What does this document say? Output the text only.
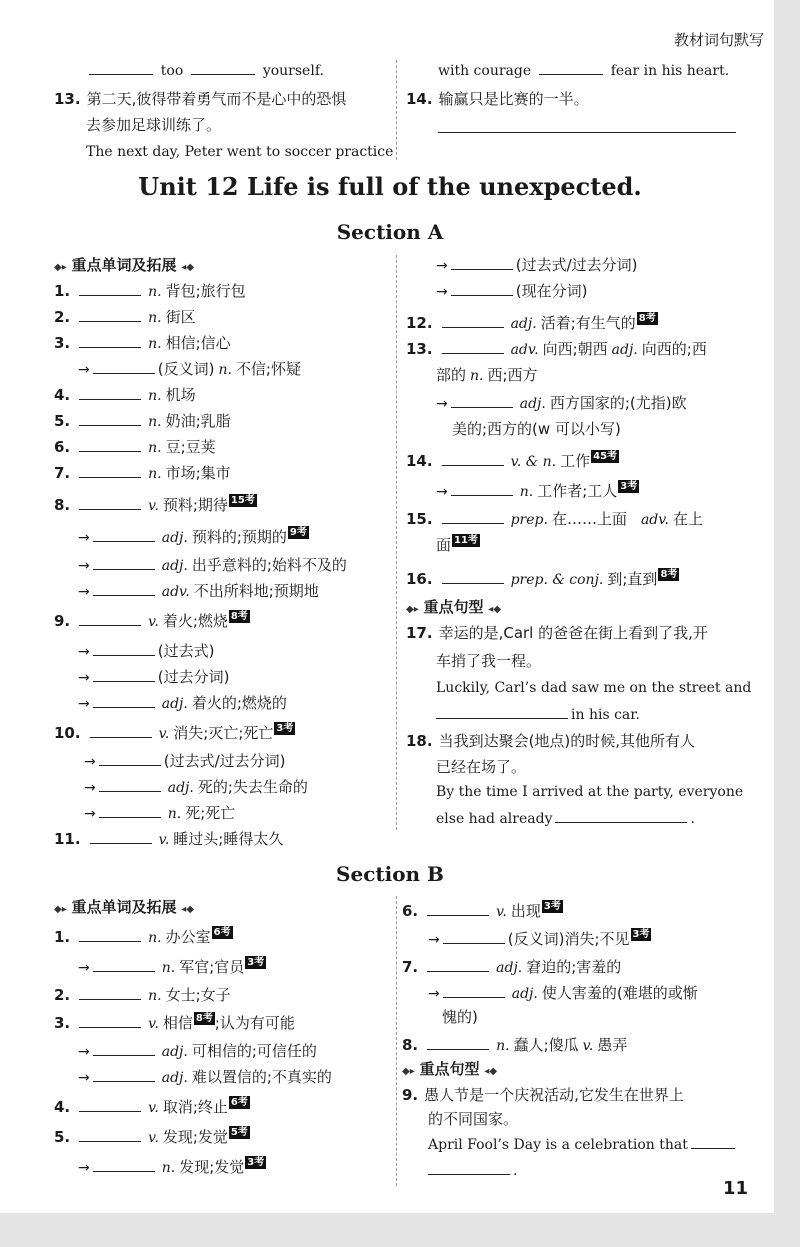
教材词句默写
too	yourself.
13. 第二天,彼得带着勇气而不是心中的恐惧
去参加足球训练了。
The next day, Peter went to soccer practice
with courage	fear in his heart.
14. 输赢只是比赛的一半。
Unit 12 Life is full of the unexpected.
Section A
◆▸ 重点单词及拓展 ◂◆
1.	n. 背包;旅行包
2.	n. 街区
3.	n. 相信;信心
→	(反义词) n. 不信;怀疑
4.	n. 机场
5.	n. 奶油;乳脂
6.	n. 豆;豆荚
7.	n. 市场;集市
8.	v. 预料;期待 15考
→	adj. 预料的;预期的 9考
→	adj. 出乎意料的;始料不及的
→	adv. 不出所料地;预期地
9.	v. 着火;燃烧 8考
→	(过去式)
→	(过去分词)
→	adj. 着火的;燃烧的
10.	v. 消失;灭亡;死亡 3考
→	(过去式/过去分词)
→	adj. 死的;失去生命的
→	n. 死;死亡
11.	v. 睡过头;睡得太久
→	(过去式/过去分词)
→	(现在分词)
12.	adj. 活着;有生气的 8考
13.	adv. 向西;朝西 adj. 向西的;西
部的 n. 西;西方
→	adj. 西方国家的;(尤指)欧
美的;西方的(w 可以小写)
14.	v. & n. 工作 45考
→	n. 工作者;工人 3考
15.	prep. 在……上面 adv. 在上
面 11考
16.	prep. & conj. 到;直到 8考
◆▸ 重点句型 ◂◆
17. 幸运的是,Carl 的爸爸在街上看到了我,开
车捎了我一程。
Luckily, Carl’s dad saw me on the street and
in his car.
18. 当我到达聚会(地点)的时候,其他所有人
已经在场了。
By the time I arrived at the party, everyone
else had already	.
Section B
◆▸ 重点单词及拓展 ◂◆
1.	n. 办公室 6考
→	n. 军官;官员 3考
2.	n. 女士;女子
3.	v. 相信 8考 ;认为有可能
→	adj. 可相信的;可信任的
→	adj. 难以置信的;不真实的
4.	v. 取消;终止 6考
5.	v. 发现;发觉 5考
→	n. 发现;发觉 3考
6.	v. 出现 3考
→	(反义词)消失;不见 3考
7.	adj. 窘迫的;害羞的
→	adj. 使人害羞的(难堪的或惭
愧的)
8.	n. 蠢人;傻瓜 v. 愚弄
◆▸ 重点句型 ◂◆
9. 愚人节是一个庆祝活动,它发生在世界上
的不同国家。
April Fool’s Day is a celebration that
.
11
